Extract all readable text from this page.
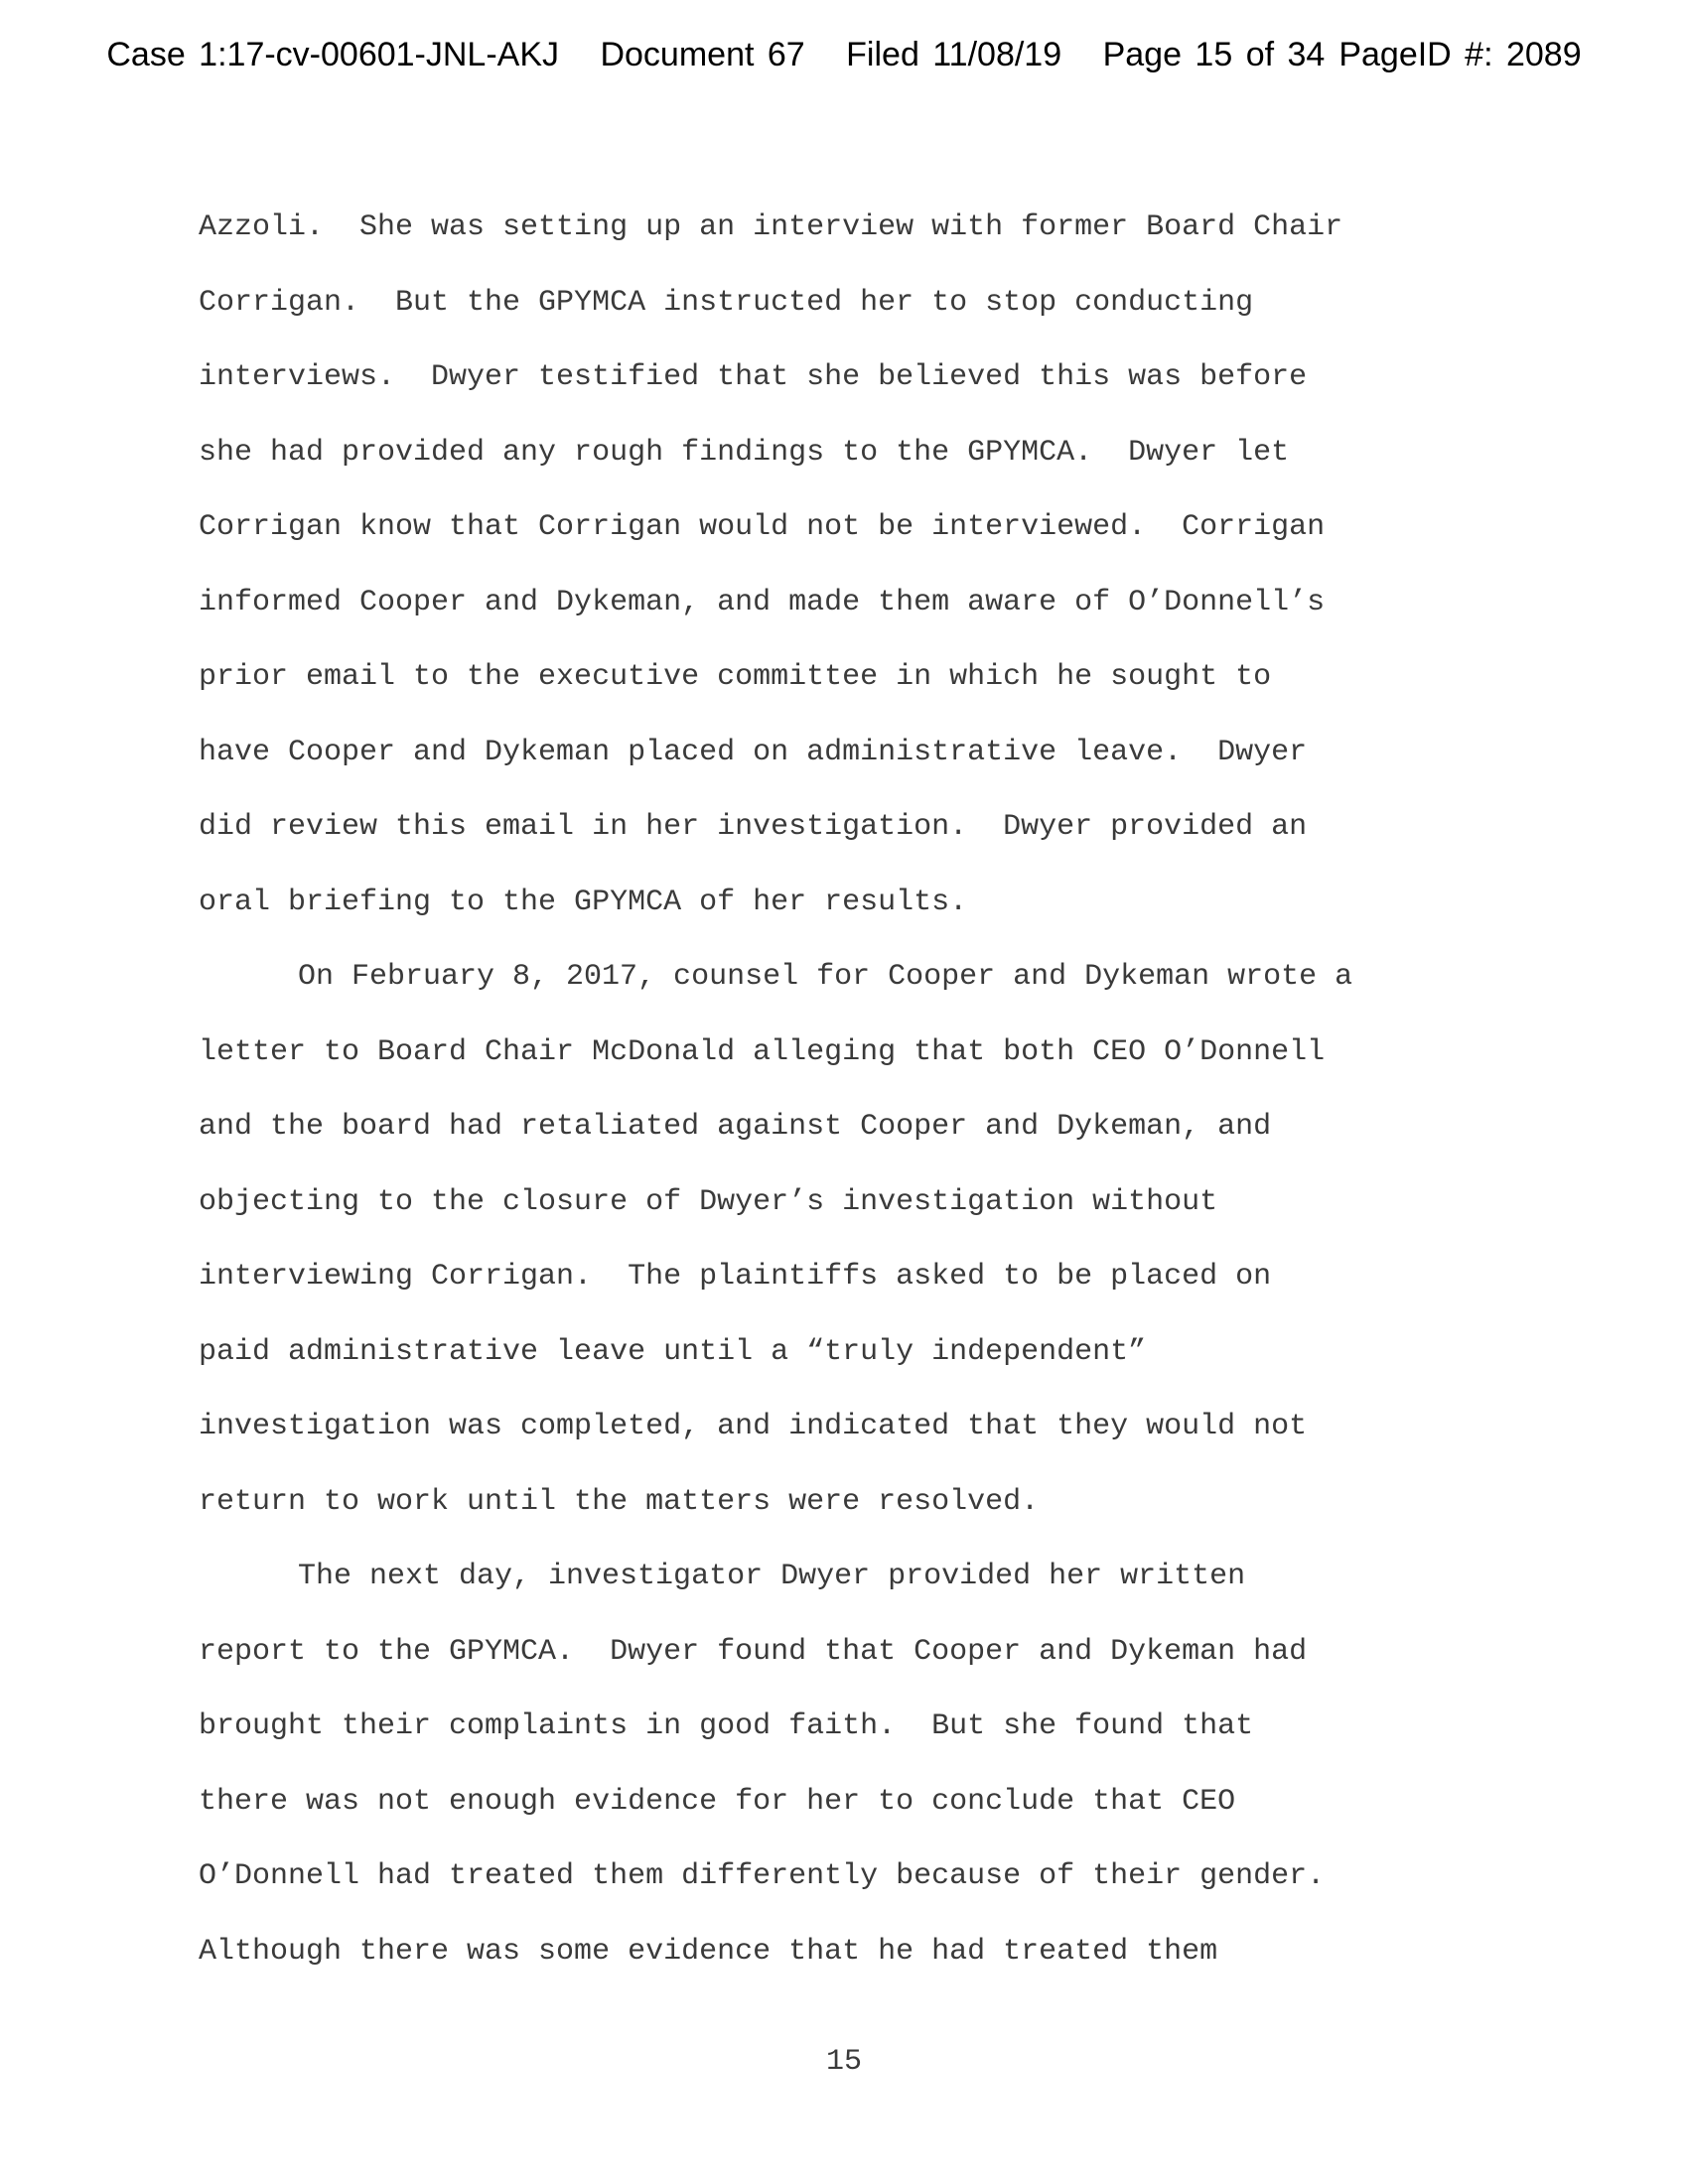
Case 1:17-cv-00601-JNL-AKJ Document 67 Filed 11/08/19 Page 15 of 34 PageID #: 2089
Azzoli.  She was setting up an interview with former Board Chair
Corrigan.  But the GPYMCA instructed her to stop conducting
interviews.  Dwyer testified that she believed this was before
she had provided any rough findings to the GPYMCA.  Dwyer let
Corrigan know that Corrigan would not be interviewed.  Corrigan
informed Cooper and Dykeman, and made them aware of O’Donnell’s
prior email to the executive committee in which he sought to
have Cooper and Dykeman placed on administrative leave.  Dwyer
did review this email in her investigation.  Dwyer provided an
oral briefing to the GPYMCA of her results.
On February 8, 2017, counsel for Cooper and Dykeman wrote a
letter to Board Chair McDonald alleging that both CEO O’Donnell
and the board had retaliated against Cooper and Dykeman, and
objecting to the closure of Dwyer’s investigation without
interviewing Corrigan.  The plaintiffs asked to be placed on
paid administrative leave until a “truly independent”
investigation was completed, and indicated that they would not
return to work until the matters were resolved.
The next day, investigator Dwyer provided her written
report to the GPYMCA.  Dwyer found that Cooper and Dykeman had
brought their complaints in good faith.  But she found that
there was not enough evidence for her to conclude that CEO
O’Donnell had treated them differently because of their gender.
Although there was some evidence that he had treated them
15
